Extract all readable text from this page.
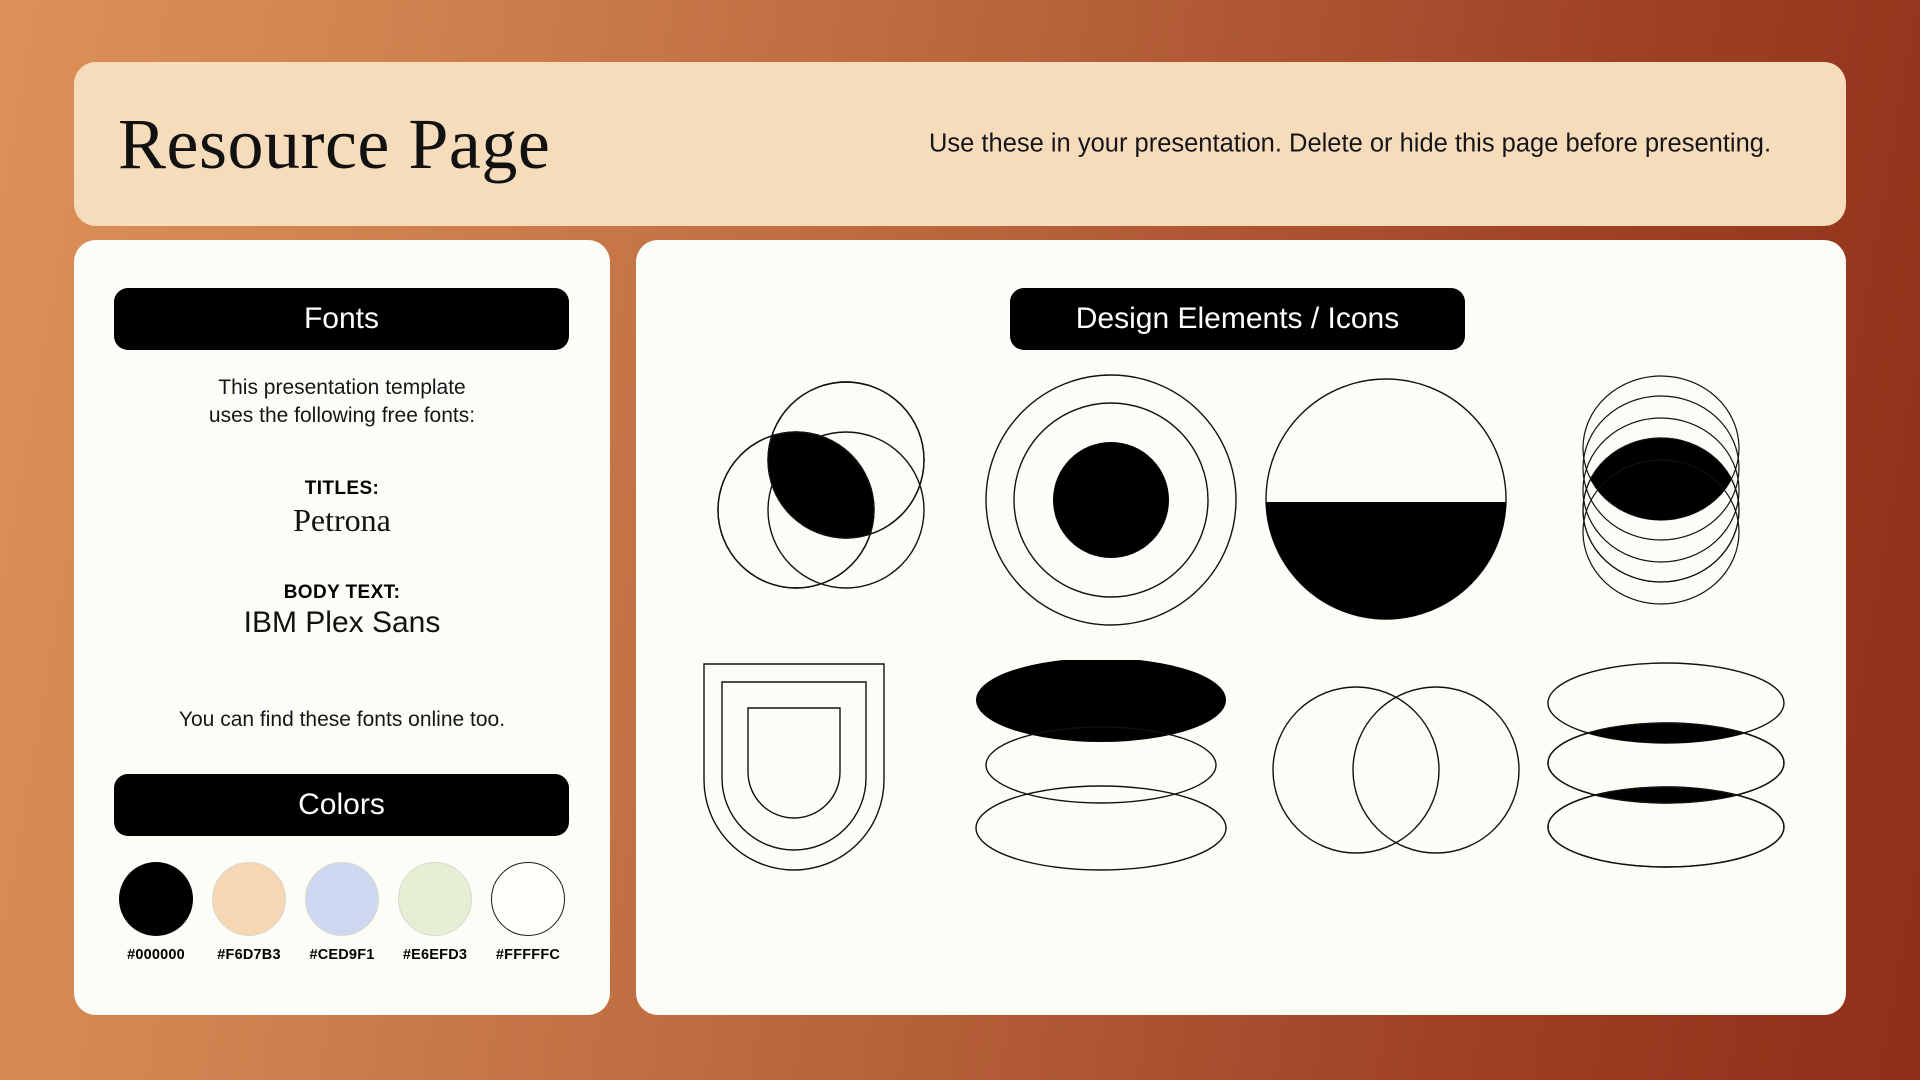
Resource Page	Use these in your presentation. Delete or hide this page before presenting.
Fonts
This presentation template
uses the following free fonts:
TITLES:
Petrona
BODY TEXT:
IBM Plex Sans
You can find these fonts online too.
Colors
#000000 #F6D7B3 #CED9F1 #E6EFD3 #FFFFFC
Design Elements / Icons
